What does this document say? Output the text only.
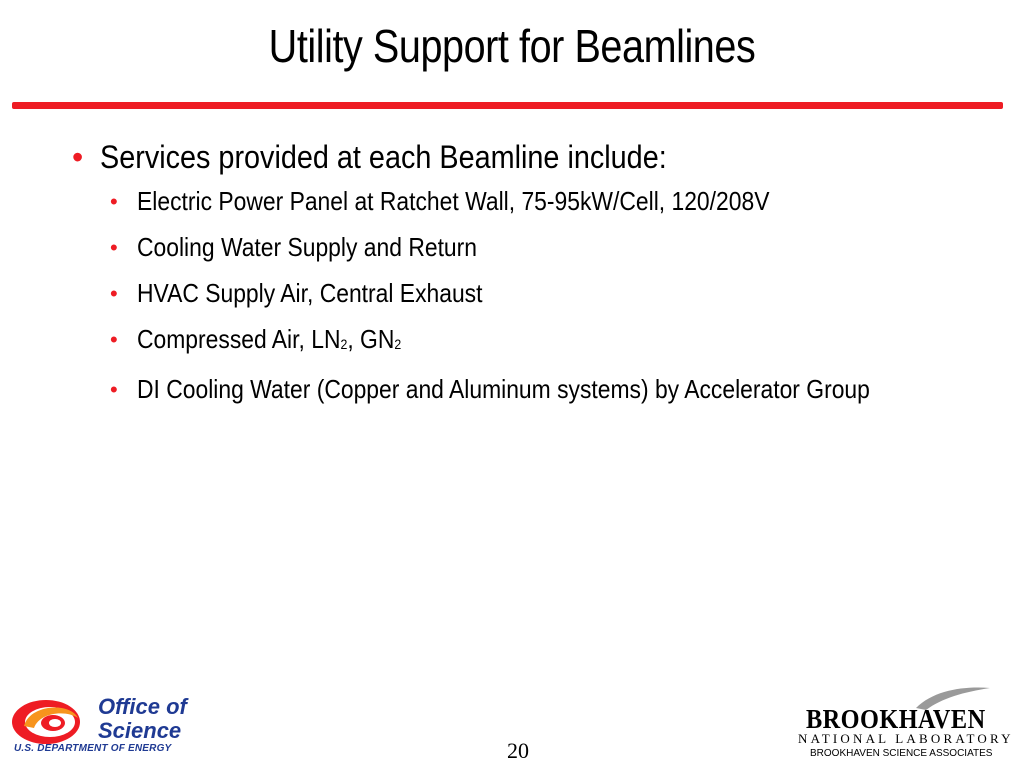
Utility Support for Beamlines
• Services provided at each Beamline include:
• Electric Power Panel at Ratchet Wall, 75-95kW/Cell, 120/208V
• Cooling Water Supply and Return
• HVAC Supply Air, Central Exhaust
• Compressed Air, $LN_2$, $GN_2$
• DI Cooling Water (Copper and Aluminum systems) by Accelerator Group
Office of
Science
U.S. DEPARTMENT OF ENERGY	20
BROOKHAVEN
NATIONAL LABORATORY
BROOKHAVEN SCIENCE ASSOCIATES
